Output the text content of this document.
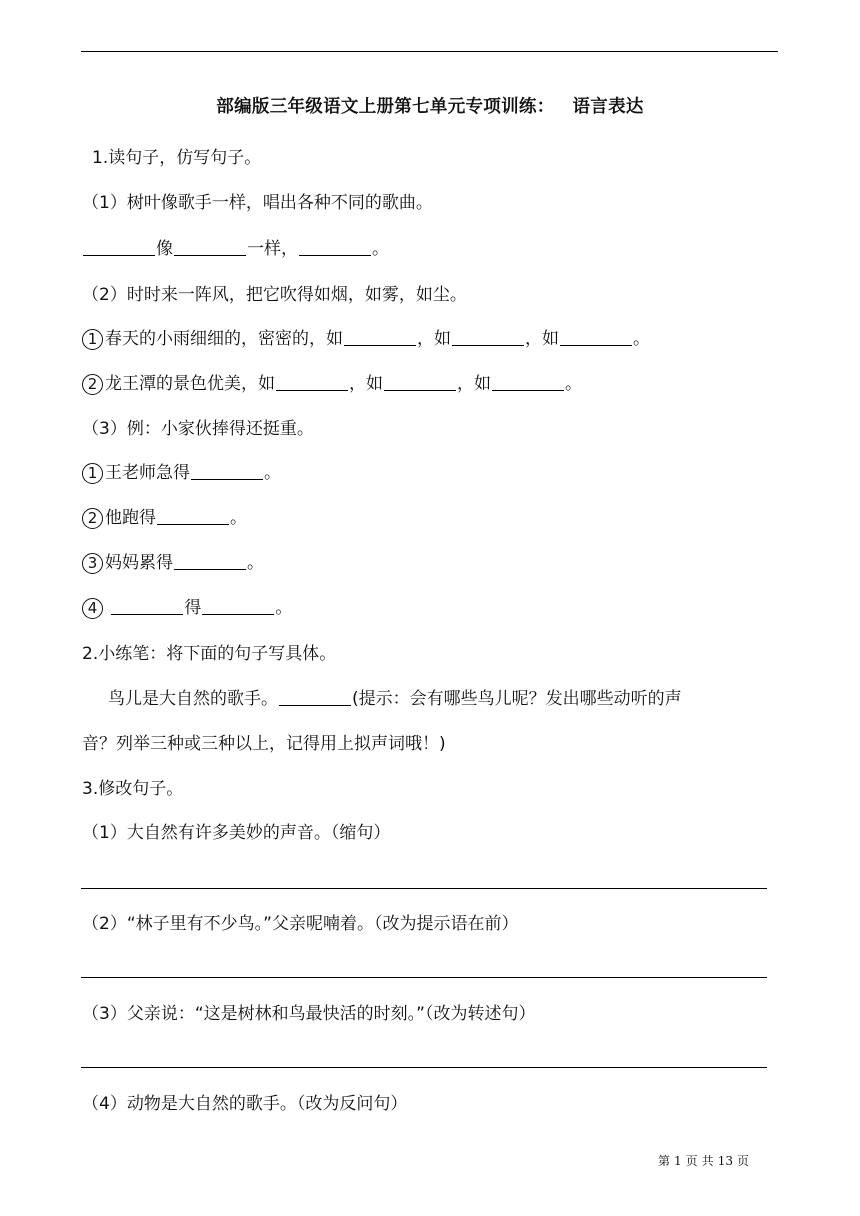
部编版三年级语文上册第七单元专项训练： 语言表达
1.读句子，仿写句子。
（1）树叶像歌手一样，唱出各种不同的歌曲。
像	一样，	。
（2）时时来一阵风，把它吹得如烟，如雾，如尘。
1 春天的小雨细细的，密密的，如	，如	，如	。
2 龙王潭的景色优美，如	，如	，如	。
（3）例：小家伙捧得还挺重。
1 王老师急得	。
2 他跑得	。
3 妈妈累得	。
4	得	。
2.小练笔：将下面的句子写具体。
鸟儿是大自然的歌手。	(提示：会有哪些鸟儿呢？发出哪些动听的声
音？列举三种或三种以上，记得用上拟声词哦！)
3.修改句子。
（1）大自然有许多美妙的声音。（缩句）
（2）“林子里有不少鸟。”父亲呢喃着。（改为提示语在前）
（3）父亲说：“这是树林和鸟最快活的时刻。”（改为转述句）
（4）动物是大自然的歌手。（改为反问句）
第 1 页 共 13 页
